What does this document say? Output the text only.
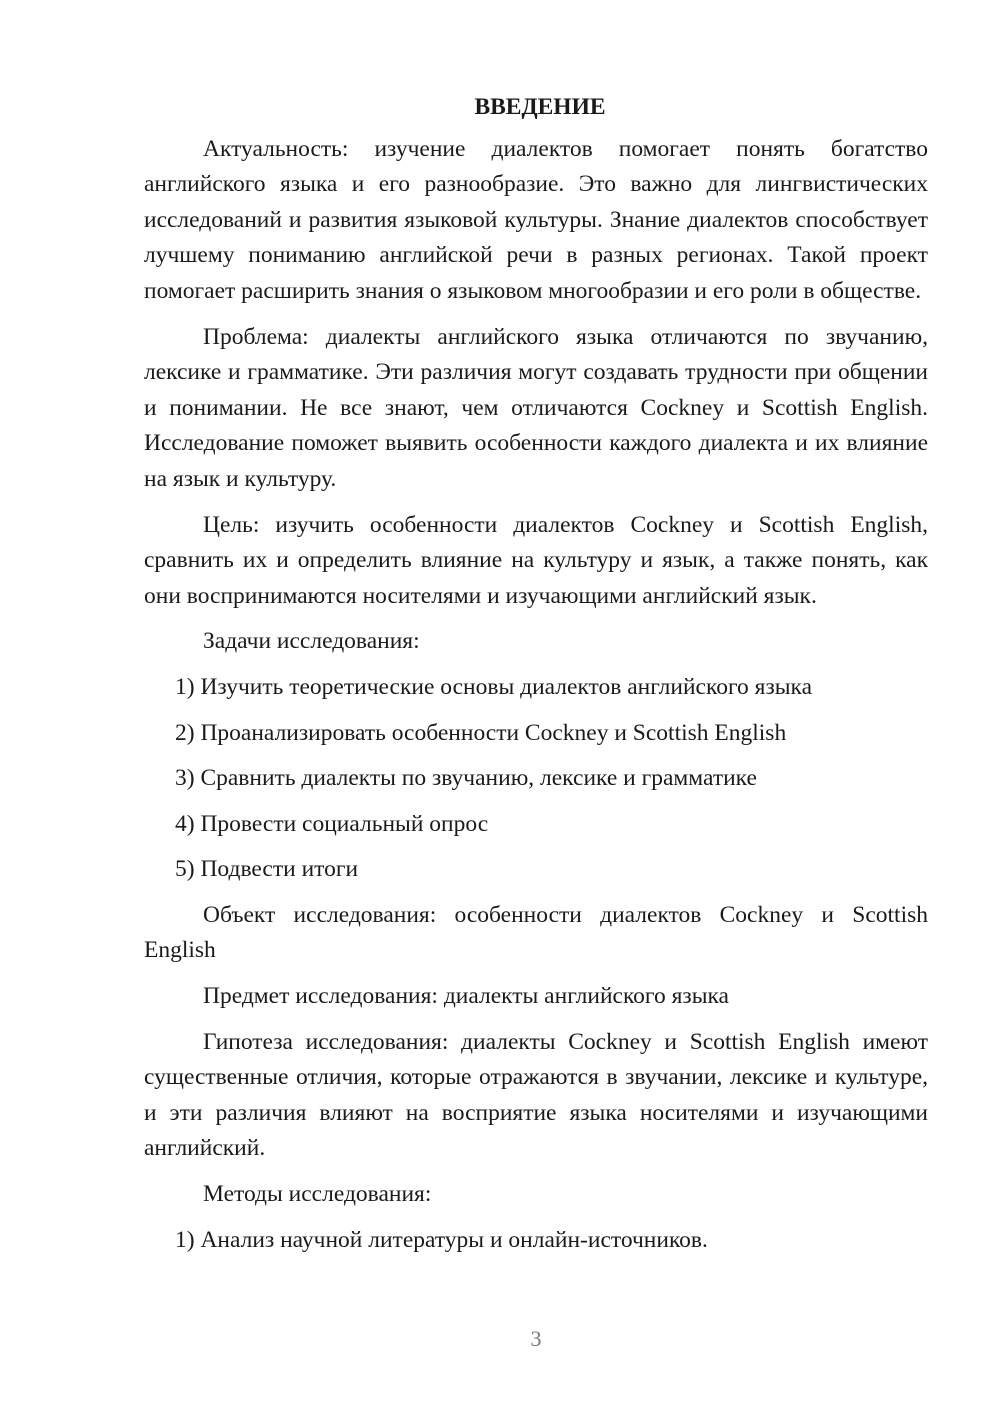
ВВЕДЕНИЕ

Актуальность: изучение диалектов помогает понять богатство английского языка и его разнообразие. Это важно для лингвистических исследований и развития языковой культуры. Знание диалектов способствует лучшему пониманию английской речи в разных регионах. Такой проект помогает расширить знания о языковом многообразии и его роли в обществе.

Проблема: диалекты английского языка отличаются по звучанию, лексике и грамматике. Эти различия могут создавать трудности при общении и понимании. Не все знают, чем отличаются Cockney и Scottish English. Исследование поможет выявить особенности каждого диалекта и их влияние на язык и культуру.

Цель: изучить особенности диалектов Cockney и Scottish English, сравнить их и определить влияние на культуру и язык, а также понять, как они воспринимаются носителями и изучающими английский язык.

Задачи исследования:

1) Изучить теоретические основы диалектов английского языка
2) Проанализировать особенности Cockney и Scottish English
3) Сравнить диалекты по звучанию, лексике и грамматике
4) Провести социальный опрос
5) Подвести итоги

Объект исследования: особенности диалектов Cockney и Scottish English

Предмет исследования: диалекты английского языка

Гипотеза исследования: диалекты Cockney и Scottish English имеют существенные отличия, которые отражаются в звучании, лексике и культуре, и эти различия влияют на восприятие языка носителями и изучающими английский.

Методы исследования:

1) Анализ научной литературы и онлайн-источников.
3
